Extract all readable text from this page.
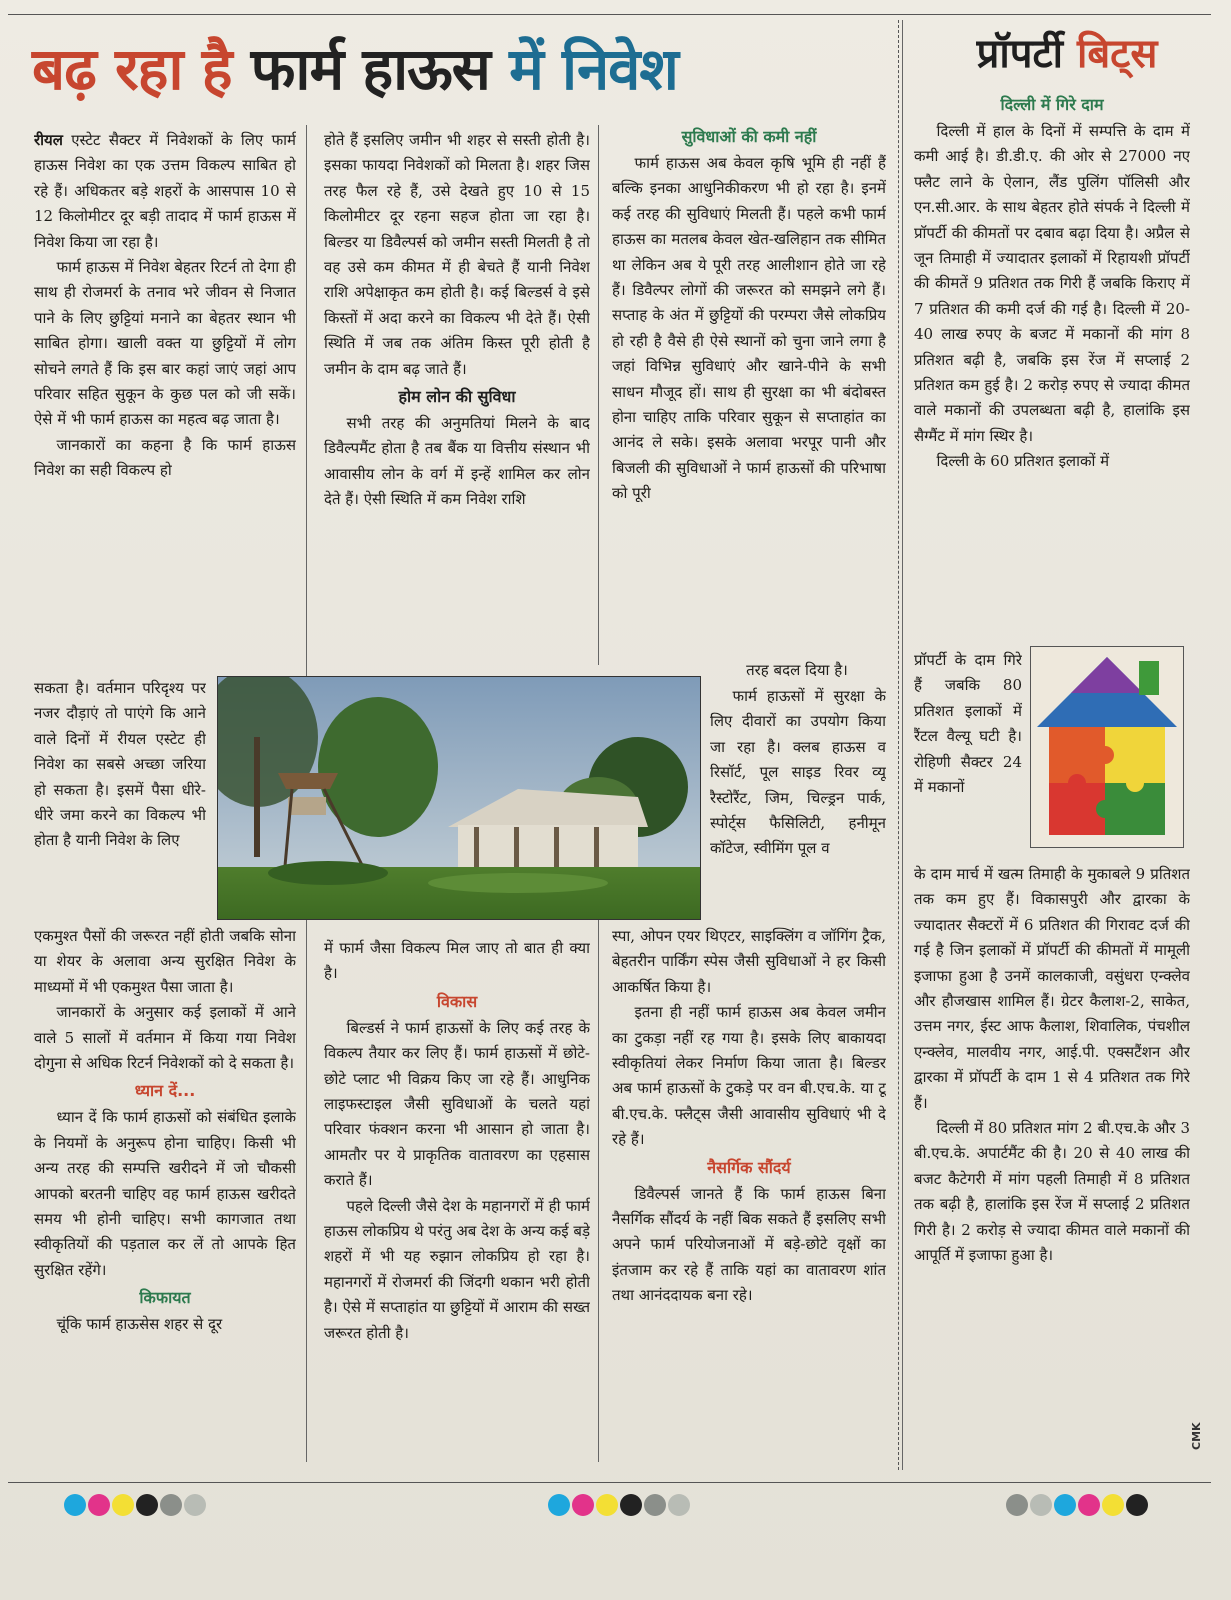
बढ़ रहा है फार्म हाऊस में निवेश	प्रॉपर्टी बिट्स

रीयल एस्टेट सैक्टर में निवेशकों के लिए फार्म हाऊस निवेश का एक उत्तम विकल्प साबित हो रहे हैं। अधिकतर बड़े शहरों के आसपास 10 से 12 किलोमीटर दूर बड़ी तादाद में फार्म हाऊस में निवेश किया जा रहा है।

फार्म हाऊस में निवेश बेहतर रिटर्न तो देगा ही साथ ही रोजमर्रा के तनाव भरे जीवन से निजात पाने के लिए छुट्टियां मनाने का बेहतर स्थान भी साबित होगा। खाली वक्त या छुट्टियों में लोग सोचने लगते हैं कि इस बार कहां जाएं जहां आप परिवार सहित सुकून के कुछ पल को जी सकें। ऐसे में भी फार्म हाऊस का महत्व बढ़ जाता है।

जानकारों का कहना है कि फार्म हाऊस निवेश का सही विकल्प हो

सकता है। वर्तमान परिदृश्य पर नजर दौड़ाएं तो पाएंगे कि आने वाले दिनों में रीयल एस्टेट ही निवेश का सबसे अच्छा जरिया हो सकता है। इसमें पैसा धीरे-धीरे जमा करने का विकल्प भी होता है यानी निवेश के लिए

एकमुश्त पैसों की जरूरत नहीं होती जबकि सोना या शेयर के अलावा अन्य सुरक्षित निवेश के माध्यमों में भी एकमुश्त पैसा जाता है।

जानकारों के अनुसार कई इलाकों में आने वाले 5 सालों में वर्तमान में किया गया निवेश दोगुना से अधिक रिटर्न निवेशकों को दे सकता है।

ध्यान दें...

ध्यान दें कि फार्म हाऊसों को संबंधित इलाके के नियमों के अनुरूप होना चाहिए। किसी भी अन्य तरह की सम्पत्ति खरीदने में जो चौकसी आपको बरतनी चाहिए वह फार्म हाऊस खरीदते समय भी होनी चाहिए। सभी कागजात तथा स्वीकृतियों की पड़ताल कर लें तो आपके हित सुरक्षित रहेंगे।

किफायत

चूंकि फार्म हाऊसेस शहर से दूर

होते हैं इसलिए जमीन भी शहर से सस्ती होती है। इसका फायदा निवेशकों को मिलता है। शहर जिस तरह फैल रहे हैं, उसे देखते हुए 10 से 15 किलोमीटर दूर रहना सहज होता जा रहा है। बिल्डर या डिवैल्पर्स को जमीन सस्ती मिलती है तो वह उसे कम कीमत में ही बेचते हैं यानी निवेश राशि अपेक्षाकृत कम होती है। कई बिल्डर्स वे इसे किस्तों में अदा करने का विकल्प भी देते हैं। ऐसी स्थिति में जब तक अंतिम किस्त पूरी होती है जमीन के दाम बढ़ जाते हैं।

होम लोन की सुविधा

सभी तरह की अनुमतियां मिलने के बाद डिवैल्पमैंट होता है तब बैंक या वित्तीय संस्थान भी आवासीय लोन के वर्ग में इन्हें शामिल कर लोन देते हैं। ऐसी स्थिति में कम निवेश राशि

में फार्म जैसा विकल्प मिल जाए तो बात ही क्या है।

विकास

बिल्डर्स ने फार्म हाऊसों के लिए कई तरह के विकल्प तैयार कर लिए हैं। फार्म हाऊसों में छोटे-छोटे प्लाट भी विक्रय किए जा रहे हैं। आधुनिक लाइफस्टाइल जैसी सुविधाओं के चलते यहां परिवार फंक्शन करना भी आसान हो जाता है। आमतौर पर ये प्राकृतिक वातावरण का एहसास कराते हैं।

पहले दिल्ली जैसे देश के महानगरों में ही फार्म हाऊस लोकप्रिय थे परंतु अब देश के अन्य कई बड़े शहरों में भी यह रुझान लोकप्रिय हो रहा है। महानगरों में रोजमर्रा की जिंदगी थकान भरी होती है। ऐसे में सप्ताहांत या छुट्टियों में आराम की सख्त जरूरत होती है।

सुविधाओं की कमी नहीं

फार्म हाऊस अब केवल कृषि भूमि ही नहीं हैं बल्कि इनका आधुनिकीकरण भी हो रहा है। इनमें कई तरह की सुविधाएं मिलती हैं। पहले कभी फार्म हाऊस का मतलब केवल खेत-खलिहान तक सीमित था लेकिन अब ये पूरी तरह आलीशान होते जा रहे हैं। डिवैल्पर लोगों की जरूरत को समझने लगे हैं। सप्ताह के अंत में छुट्टियों की परम्परा जैसे लोकप्रिय हो रही है वैसे ही ऐसे स्थानों को चुना जाने लगा है जहां विभिन्न सुविधाएं और खाने-पीने के सभी साधन मौजूद हों। साथ ही सुरक्षा का भी बंदोबस्त होना चाहिए ताकि परिवार सुकून से सप्ताहांत का आनंद ले सके। इसके अलावा भरपूर पानी और बिजली की सुविधाओं ने फार्म हाऊसों की परिभाषा को पूरी

तरह बदल दिया है।

फार्म हाऊसों में सुरक्षा के लिए दीवारों का उपयोग किया जा रहा है। क्लब हाऊस व रिसॉर्ट, पूल साइड रिवर व्यू रैस्टोरैंट, जिम, चिल्ड्रन पार्क, स्पोर्ट्स फैसिलिटी, हनीमून कॉटेज, स्वीमिंग पूल व

स्पा, ओपन एयर थिएटर, साइक्लिंग व जॉगिंग ट्रैक, बेहतरीन पार्किंग स्पेस जैसी सुविधाओं ने हर किसी आकर्षित किया है।

इतना ही नहीं फार्म हाऊस अब केवल जमीन का टुकड़ा नहीं रह गया है। इसके लिए बाकायदा स्वीकृतियां लेकर निर्माण किया जाता है। बिल्डर अब फार्म हाऊसों के टुकड़े पर वन बी.एच.के. या टू बी.एच.के. फ्लैट्स जैसी आवासीय सुविधाएं भी दे रहे हैं।

नैसर्गिक सौंदर्य

डिवैल्पर्स जानते हैं कि फार्म हाऊस बिना नैसर्गिक सौंदर्य के नहीं बिक सकते हैं इसलिए सभी अपने फार्म परियोजनाओं में बड़े-छोटे वृक्षों का इंतजाम कर रहे हैं ताकि यहां का वातावरण शांत तथा आनंददायक बना रहे।

दिल्ली में गिरे दाम

दिल्ली में हाल के दिनों में सम्पत्ति के दाम में कमी आई है। डी.डी.ए. की ओर से 27000 नए फ्लैट लाने के ऐलान, लैंड पुलिंग पॉलिसी और एन.सी.आर. के साथ बेहतर होते संपर्क ने दिल्ली में प्रॉपर्टी की कीमतों पर दबाव बढ़ा दिया है। अप्रैल से जून तिमाही में ज्यादातर इलाकों में रिहायशी प्रॉपर्टी की कीमतें 9 प्रतिशत तक गिरी हैं जबकि किराए में 7 प्रतिशत की कमी दर्ज की गई है। दिल्ली में 20-40 लाख रुपए के बजट में मकानों की मांग 8 प्रतिशत बढ़ी है, जबकि इस रेंज में सप्लाई 2 प्रतिशत कम हुई है। 2 करोड़ रुपए से ज्यादा कीमत वाले मकानों की उपलब्धता बढ़ी है, हालांकि इस सैग्मैंट में मांग स्थिर है।

दिल्ली के 60 प्रतिशत इलाकों में

प्रॉपर्टी के दाम गिरे हैं जबकि 80 प्रतिशत इलाकों में रैंटल वैल्यू घटी है। रोहिणी सैक्टर 24 में मकानों

के दाम मार्च में खत्म तिमाही के मुकाबले 9 प्रतिशत तक कम हुए हैं। विकासपुरी और द्वारका के ज्यादातर सैक्टरों में 6 प्रतिशत की गिरावट दर्ज की गई है जिन इलाकों में प्रॉपर्टी की कीमतों में मामूली इजाफा हुआ है उनमें कालकाजी, वसुंधरा एन्क्लेव और हौजखास शामिल हैं। ग्रेटर कैलाश-2, साकेत, उत्तम नगर, ईस्ट आफ कैलाश, शिवालिक, पंचशील एन्क्लेव, मालवीय नगर, आई.पी. एक्सटैंशन और द्वारका में प्रॉपर्टी के दाम 1 से 4 प्रतिशत तक गिरे हैं।

दिल्ली में 80 प्रतिशत मांग 2 बी.एच.के और 3 बी.एच.के. अपार्टमैंट की है। 20 से 40 लाख की बजट कैटेगरी में मांग पहली तिमाही में 8 प्रतिशत तक बढ़ी है, हालांकि इस रेंज में सप्लाई 2 प्रतिशत गिरी है। 2 करोड़ से ज्यादा कीमत वाले मकानों की आपूर्ति में इजाफा हुआ है।

CMK
